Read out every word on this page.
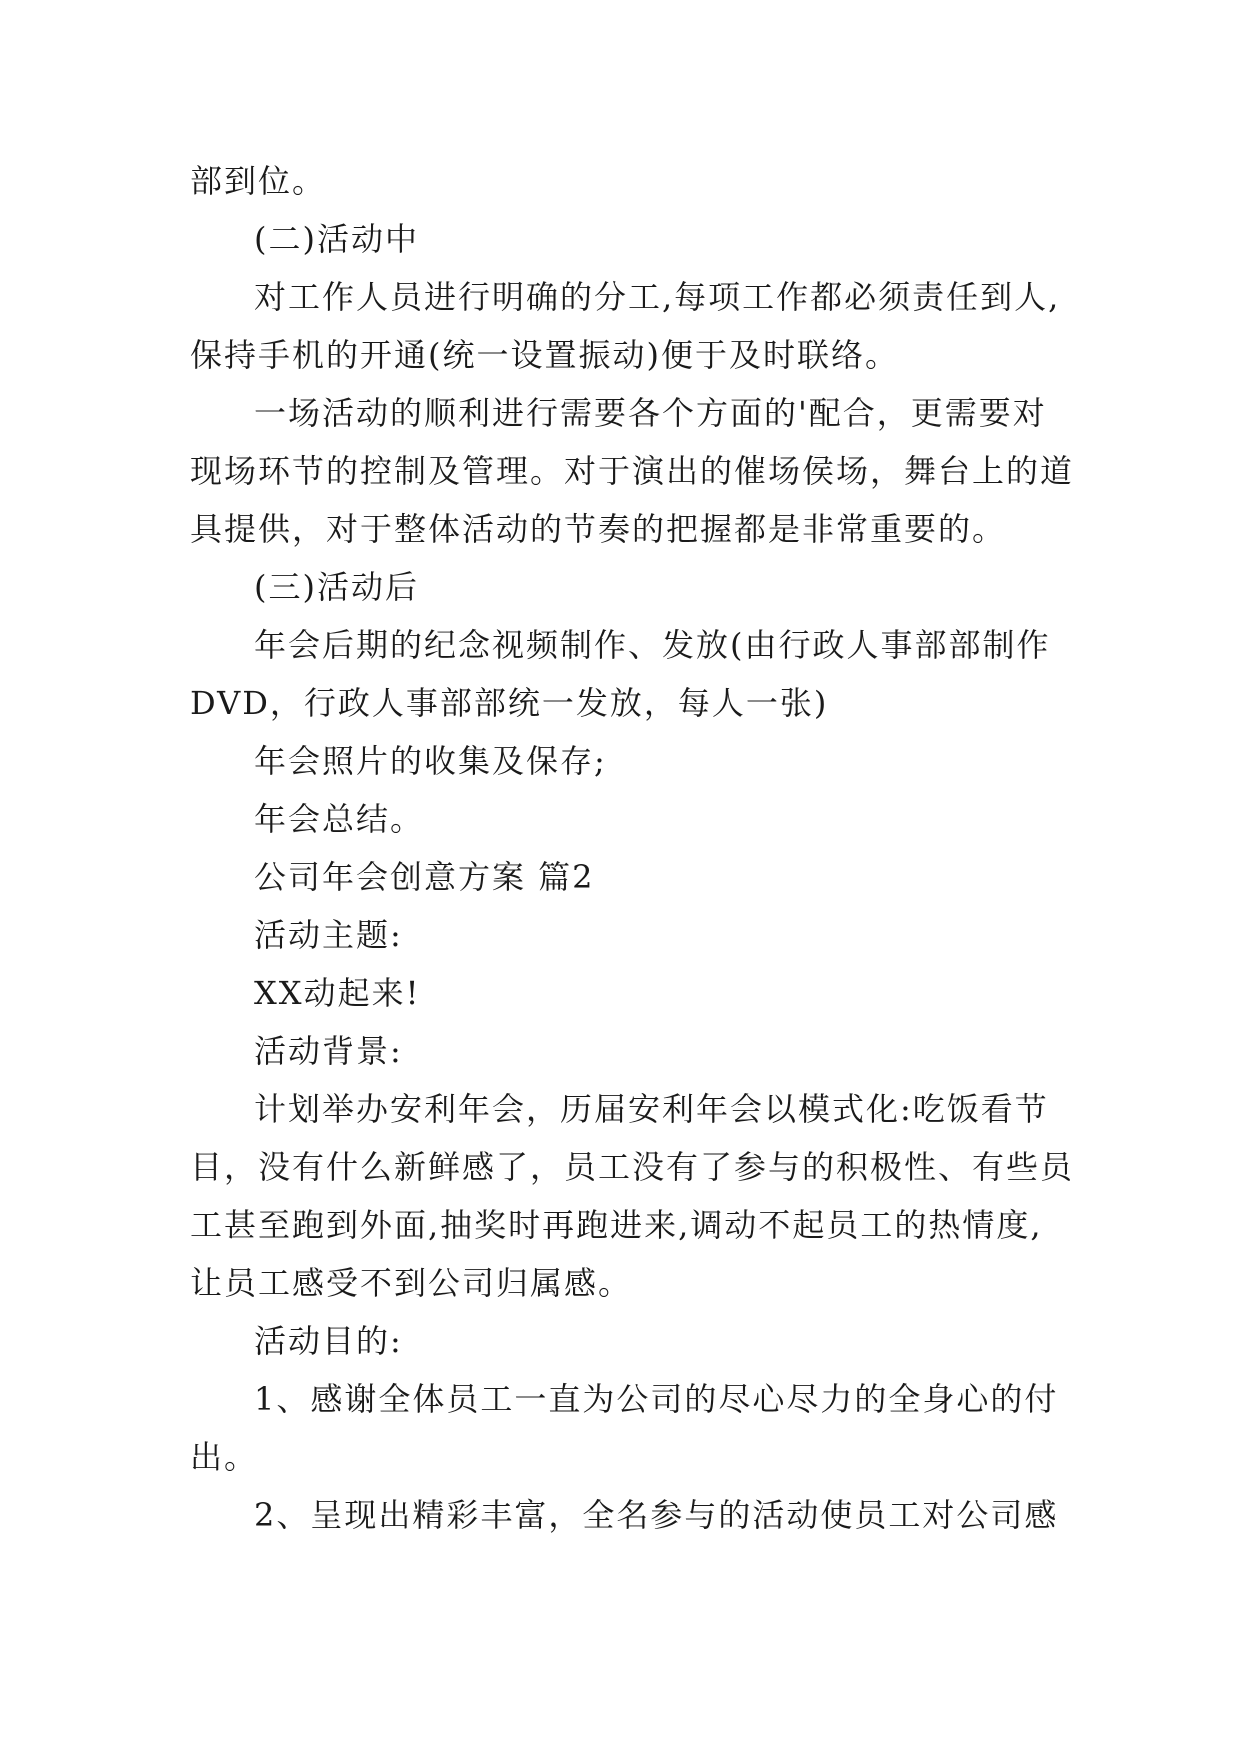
部到位。
(二)活动中
对工作人员进行明确的分工,每项工作都必须责任到人,
保持手机的开通(统一设置振动)便于及时联络。
一场活动的顺利进行需要各个方面的'配合，更需要对
现场环节的控制及管理。对于演出的催场侯场，舞台上的道
具提供，对于整体活动的节奏的把握都是非常重要的。
(三)活动后
年会后期的纪念视频制作、发放(由行政人事部部制作
DVD，行政人事部部统一发放，每人一张)
年会照片的收集及保存;
年会总结。
公司年会创意方案 篇2
活动主题:
XX动起来!
活动背景:
计划举办安利年会，历届安利年会以模式化:吃饭看节
目，没有什么新鲜感了，员工没有了参与的积极性、有些员
工甚至跑到外面,抽奖时再跑进来,调动不起员工的热情度,
让员工感受不到公司归属感。
活动目的:
1、感谢全体员工一直为公司的尽心尽力的全身心的付
出。
2、呈现出精彩丰富，全名参与的活动使员工对公司感
